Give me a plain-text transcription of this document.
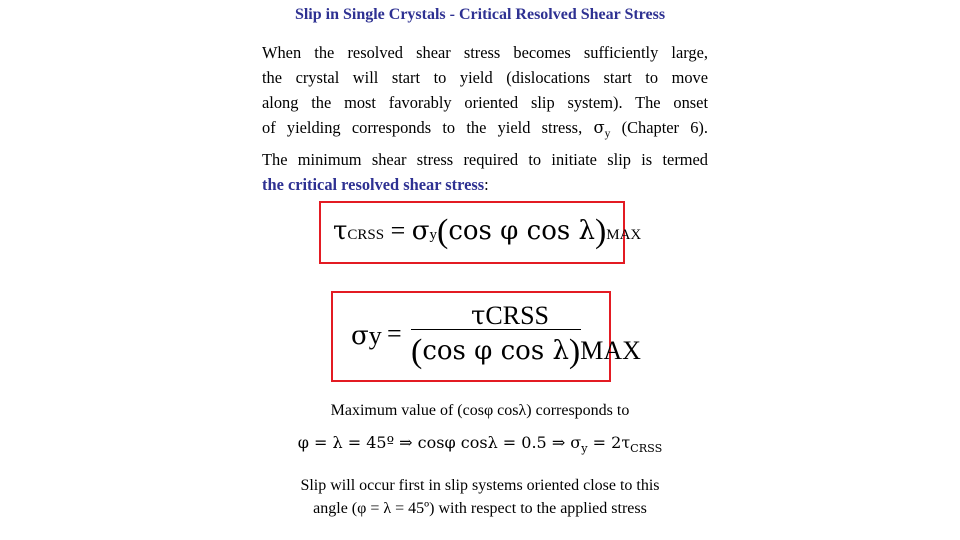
Slip in Single Crystals - Critical Resolved Shear Stress

When the resolved shear stress becomes sufficiently large,
the crystal will start to yield (dislocations start to move
along the most favorably oriented slip system). The onset
of yielding corresponds to the yield stress, $\sigma_y$ (Chapter 6).
The minimum shear stress required to initiate slip is termed
the critical resolved shear stress:

τCRSS = σy(cos φ cos λ)MAX
σy =
τCRSS
(cos φ cos λ)MAX
Maximum value of (cosφ cosλ) corresponds to
φ = λ = 45º ⇒ cosφ cosλ = 0.5 ⇒ $\sigma_y = 2\tau_{CRSS}$
Slip will occur first in slip systems oriented close to this
angle (φ = λ = 45º) with respect to the applied stress
